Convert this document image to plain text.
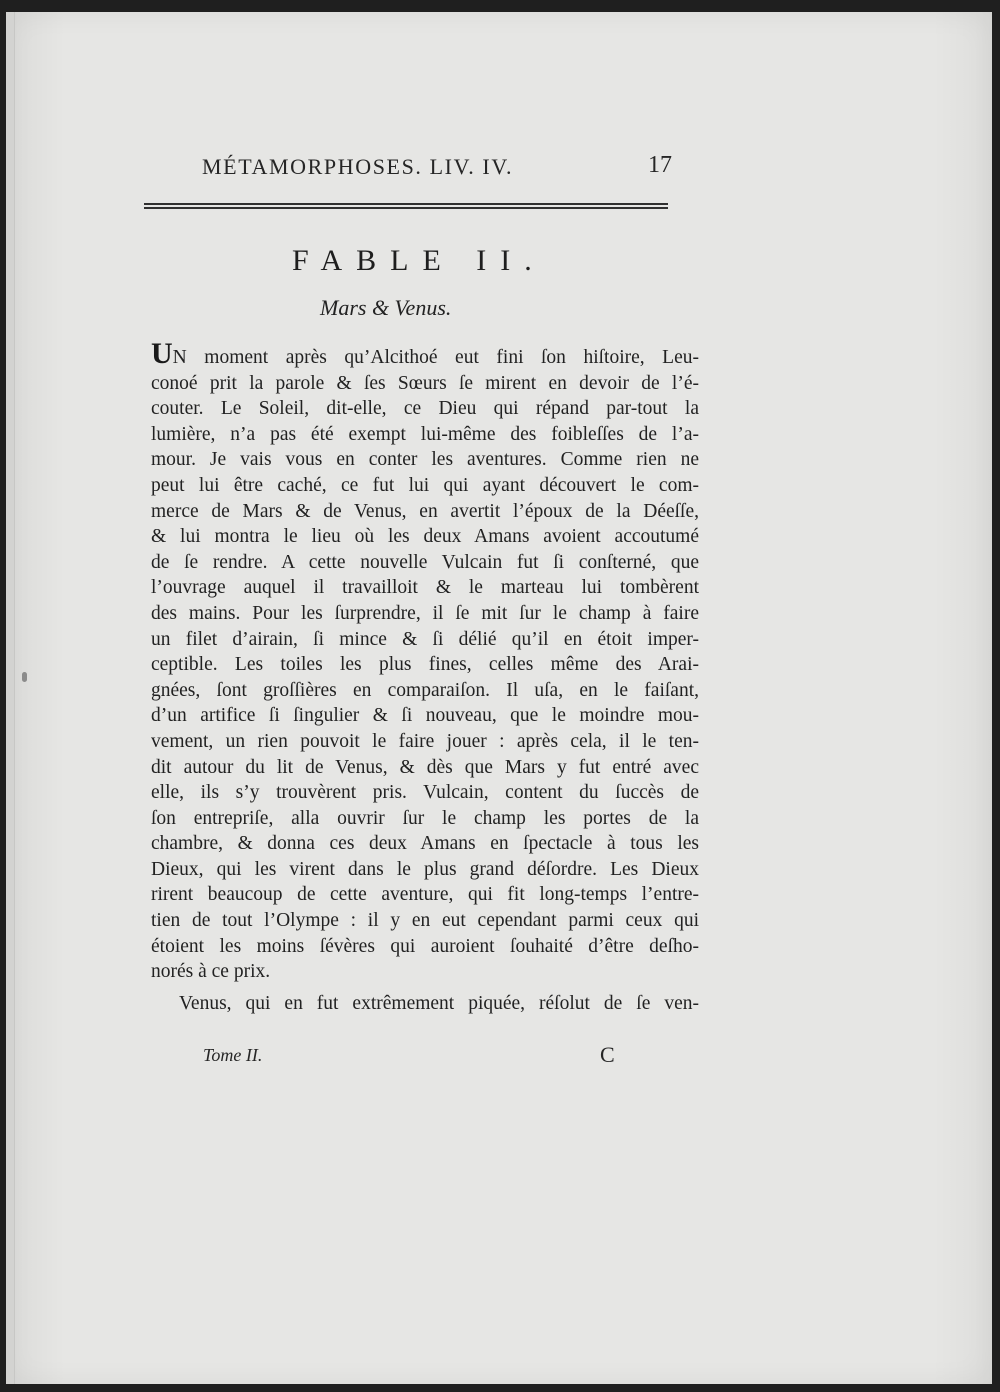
MÉTAMORPHOSES. LIV. IV.	17
FABLE II.
Mars & Venus.
UN moment après qu’Alcithoé eut fini ſon hiſtoire, Leu-
conoé prit la parole & ſes Sœurs ſe mirent en devoir de l’é-
couter. Le Soleil, dit-elle, ce Dieu qui répand par-tout la
lumière, n’a pas été exempt lui-même des foibleſſes de l’a-
mour. Je vais vous en conter les aventures. Comme rien ne
peut lui être caché, ce fut lui qui ayant découvert le com-
merce de Mars & de Venus, en avertit l’époux de la Déeſſe,
& lui montra le lieu où les deux Amans avoient accoutumé
de ſe rendre. A cette nouvelle Vulcain fut ſi conſterné, que
l’ouvrage auquel il travailloit & le marteau lui tombèrent
des mains. Pour les ſurprendre, il ſe mit ſur le champ à faire
un filet d’airain, ſi mince & ſi délié qu’il en étoit imper-
ceptible. Les toiles les plus fines, celles même des Arai-
gnées, ſont groſſières en comparaiſon. Il uſa, en le faiſant,
d’un artifice ſi ſingulier & ſi nouveau, que le moindre mou-
vement, un rien pouvoit le faire jouer : après cela, il le ten-
dit autour du lit de Venus, & dès que Mars y fut entré avec
elle, ils s’y trouvèrent pris. Vulcain, content du ſuccès de
ſon entrepriſe, alla ouvrir ſur le champ les portes de la
chambre, & donna ces deux Amans en ſpectacle à tous les
Dieux, qui les virent dans le plus grand déſordre. Les Dieux
rirent beaucoup de cette aventure, qui fit long-temps l’entre-
tien de tout l’Olympe : il y en eut cependant parmi ceux qui
étoient les moins ſévères qui auroient ſouhaité d’être deſho-
norés à ce prix.
Venus, qui en fut extrêmement piquée, réſolut de ſe ven-
Tome II.	C
